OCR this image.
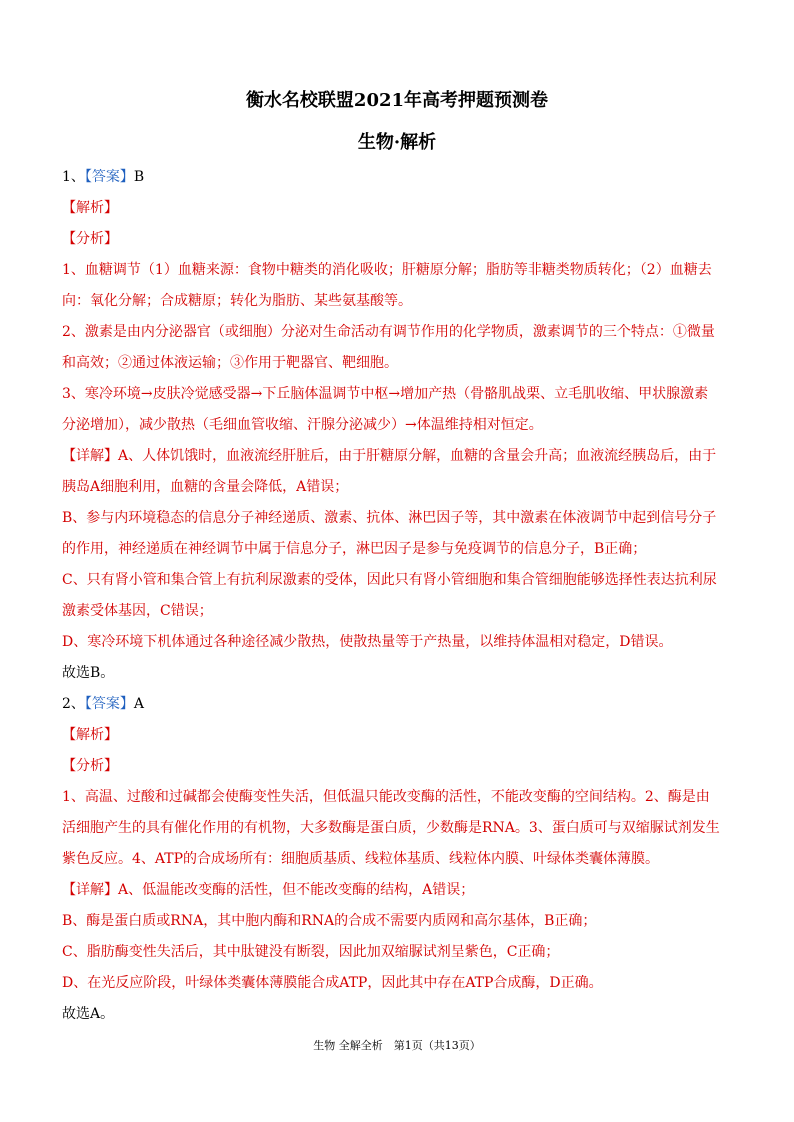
衡水名校联盟2021年高考押题预测卷
生物·解析
1、【答案】B
【解析】
【分析】
1、血糖调节（1）血糖来源：食物中糖类的消化吸收；肝糖原分解；脂肪等非糖类物质转化；（2）血糖去
向：氧化分解；合成糖原；转化为脂肪、某些氨基酸等。
2、激素是由内分泌器官（或细胞）分泌对生命活动有调节作用的化学物质，激素调节的三个特点：①微量
和高效；②通过体液运输；③作用于靶器官、靶细胞。
3、寒冷环境→皮肤冷觉感受器→下丘脑体温调节中枢→增加产热（骨骼肌战栗、立毛肌收缩、甲状腺激素
分泌增加），减少散热（毛细血管收缩、汗腺分泌减少）→体温维持相对恒定。
【详解】A、人体饥饿时，血液流经肝脏后，由于肝糖原分解，血糖的含量会升高；血液流经胰岛后，由于
胰岛A细胞利用，血糖的含量会降低，A错误；
B、参与内环境稳态的信息分子神经递质、激素、抗体、淋巴因子等，其中激素在体液调节中起到信号分子
的作用，神经递质在神经调节中属于信息分子，淋巴因子是参与免疫调节的信息分子，B正确；
C、只有肾小管和集合管上有抗利尿激素的受体，因此只有肾小管细胞和集合管细胞能够选择性表达抗利尿
激素受体基因，C错误；
D、寒冷环境下机体通过各种途径减少散热，使散热量等于产热量，以维持体温相对稳定，D错误。
故选B。
2、【答案】A
【解析】
【分析】
1、高温、过酸和过碱都会使酶变性失活，但低温只能改变酶的活性，不能改变酶的空间结构。2、酶是由
活细胞产生的具有催化作用的有机物，大多数酶是蛋白质，少数酶是RNA。3、蛋白质可与双缩脲试剂发生
紫色反应。4、ATP的合成场所有：细胞质基质、线粒体基质、线粒体内膜、叶绿体类囊体薄膜。
【详解】A、低温能改变酶的活性，但不能改变酶的结构，A错误；
B、酶是蛋白质或RNA，其中胞内酶和RNA的合成不需要内质网和高尔基体，B正确；
C、脂肪酶变性失活后，其中肽键没有断裂，因此加双缩脲试剂呈紫色，C正确；
D、在光反应阶段，叶绿体类囊体薄膜能合成ATP，因此其中存在ATP合成酶，D正确。
故选A。
生物 全解全析　第1页（共13页）
